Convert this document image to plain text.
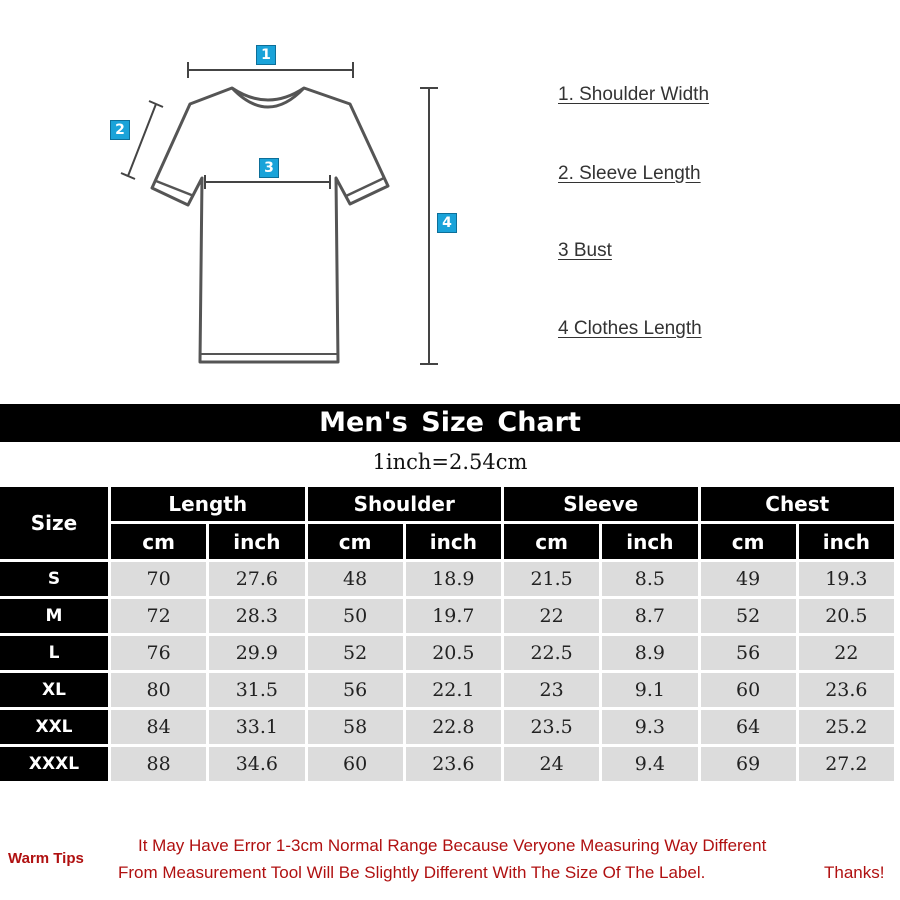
1
2
3
4
1. Shoulder Width
2. Sleeve Length
3 Bust
4 Clothes Length
Men's Size Chart
1inch=2.54cm
Size	Length		Shoulder		Sleeve		Chest	
	cm	inch	cm	inch	cm	inch	cm	inch
S	70	27.6	48	18.9	21.5	8.5	49	19.3
M	72	28.3	50	19.7	22	8.7	52	20.5
L	76	29.9	52	20.5	22.5	8.9	56	22
XL	80	31.5	56	22.1	23	9.1	60	23.6
XXL	84	33.1	58	22.8	23.5	9.3	64	25.2
XXXL	88	34.6	60	23.6	24	9.4	69	27.2
Warm Tips
It May Have Error 1-3cm Normal Range Because Veryone Measuring Way Different
From Measurement Tool Will Be Slightly Different With The Size Of The Label.	Thanks!
